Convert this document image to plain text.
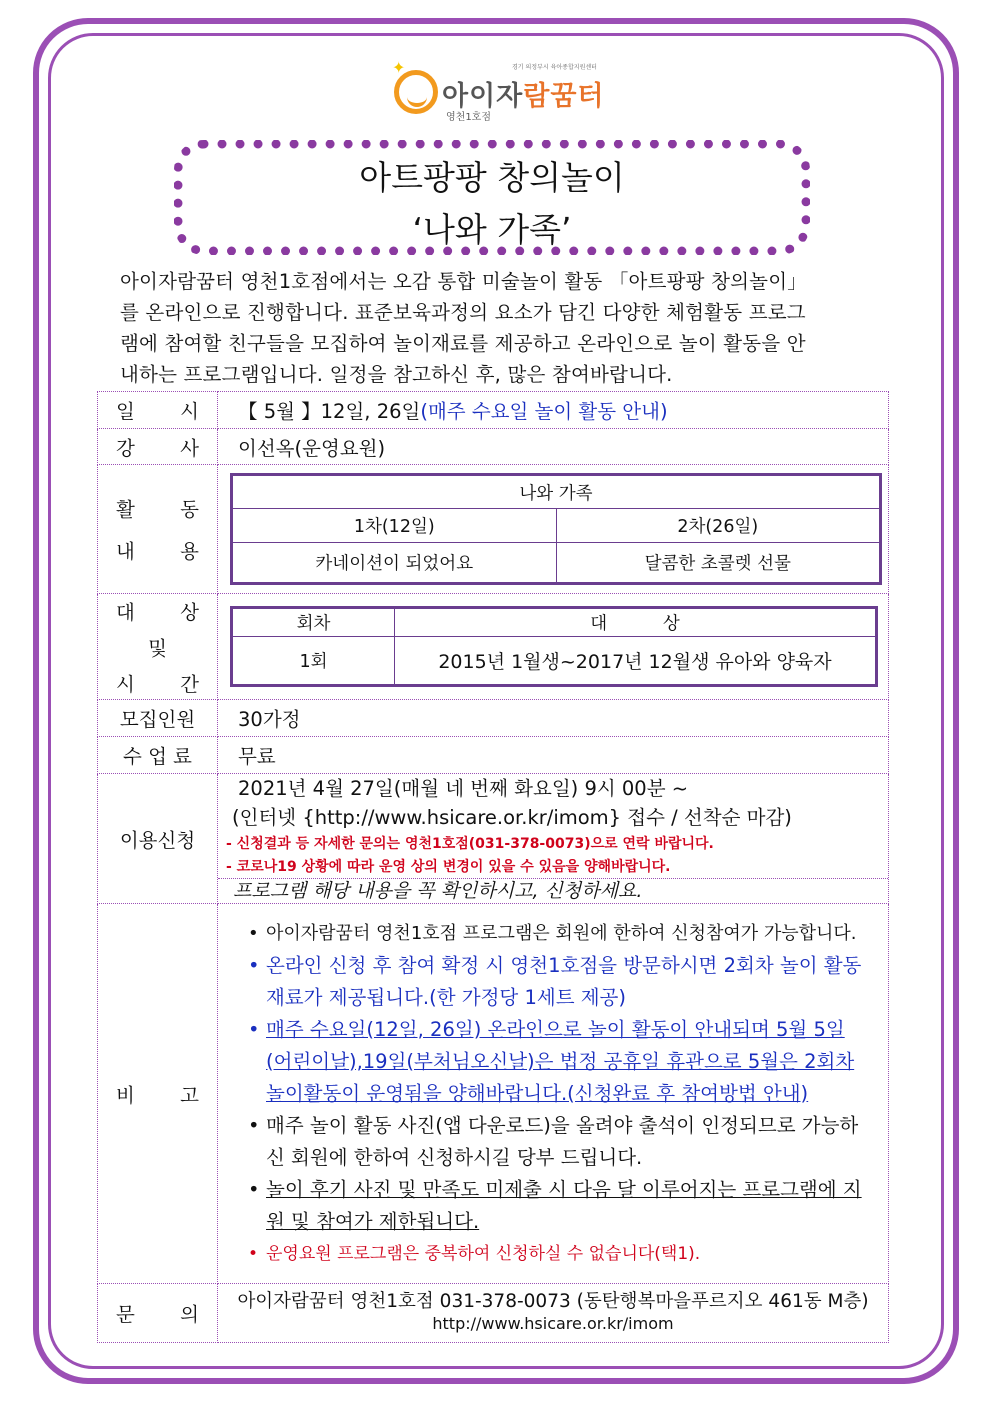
✦
아이자람꿈터
영천1호점
경기 의정부시 육아종합지원센터
아트팡팡 창의놀이
‘나와 가족’

아이자람꿈터 영천1호점에서는 오감 통합 미술놀이 활동 「아트팡팡 창의놀이」

를 온라인으로 진행합니다. 표준보육과정의 요소가 담긴 다양한 체험활동 프로그

램에 참여할 친구들을 모집하여 놀이재료를 제공하고 온라인으로 놀이 활동을 안

내하는 프로그램입니다. 일정을 참고하신 후, 많은 참여바랍니다.

일 시	【 5월 】12일, 26일(매주 수요일 놀이 활동 안내)

강 사	이선옥(운영요원)

활 동
내 용

나와 가족
1차(12일)	2차(26일)
카네이션이 되었어요	달콤한 초콜렛 선물

대 상
및
시 간

회차	대          상
1회	2015년 1월생~2017년 12월생 유아와 양육자

모집인원	30가정
수 업 료	무료
이용신청	
2021년 4월 27일(매월 네 번째 화요일) 9시 00분 ~
(인터넷 {http://www.hsicare.or.kr/imom} 접수 / 선착순 마감)
- 신청결과 등 자세한 문의는 영천1호점(031-378-0073)으로 연락 바랍니다.
- 코로나19 상황에 따라 운영 상의 변경이 있을 수 있음을 양해바랍니다.
프로그램 해당 내용을 꼭 확인하시고, 신청하세요.

비 고

• 아이자람꿈터 영천1호점 프로그램은 회원에 한하여 신청참여가 가능합니다.
• 온라인 신청 후 참여 확정 시 영천1호점을 방문하시면 2회차 놀이 활동재료가 제공됩니다.(한 가정당 1세트 제공)
• 매주 수요일(12일, 26일) 온라인으로 놀이 활동이 안내되며 5월 5일(어린이날),19일(부처님오신날)은 법정 공휴일 휴관으로 5월은 2회차 놀이활동이 운영됨을 양해바랍니다.(신청완료 후 참여방법 안내)
• 매주 놀이 활동 사진(앱 다운로드)을 올려야 출석이 인정되므로 가능하신 회원에 한하여 신청하시길 당부 드립니다.
• 놀이 후기 사진 및 만족도 미제출 시 다음 달 이루어지는 프로그램에 지원 및 참여가 제한됩니다.
• 운영요원 프로그램은 중복하여 신청하실 수 없습니다(택1).

문 의

아이자람꿈터 영천1호점 031-378-0073 (동탄행복마을푸르지오 461동 M층)
http://www.hsicare.or.kr/imom
